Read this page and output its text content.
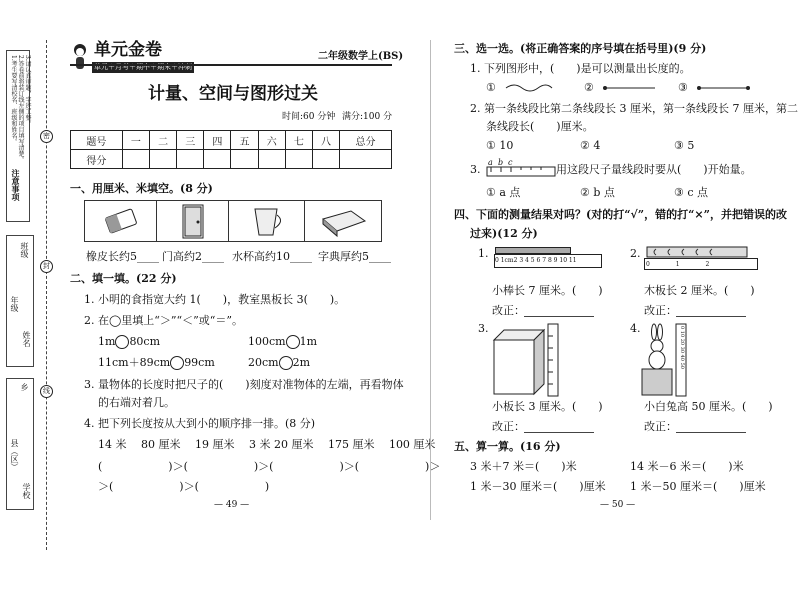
注意事项
1.考生要写清校名、班级和姓名。 2.答卷前将装订线左侧的项目填写清楚。 3.请认真审题，字迹工整。
班级
年级
姓名
乡
县（区）
学校
密
封
线
单元金卷
单元＋月考＋期中＋期末＋冲刺
二年级数学上(BS)
计量、空间与图形过关
时间:60 分钟 满分:100 分
题号	一	二	三	四	五	六	七	八	总分
得分									
一、用厘米、米填空。(8 分)
橡皮长约5____ 门高约2____ 水杯高约10____ 字典厚约5____
二、填一填。(22 分)
1. 小明的食指宽大约 1(　　)，教室黑板长 3(　　)。
2. 在◯里填上“＞”“＜”或“＝”。
1m 80cm	100cm 1m
11cm＋89cm 99cm	20cm 2m
3. 量物体的长度时把尺子的(　　)刻度对准物体的左端，再看物体
的右端对着几。
4. 把下列长度按从大到小的顺序排一排。(8 分)
14 米　 80 厘米　 19 厘米　 3 米 20 厘米　 175 厘米　 100 厘米
(　　　　　　)＞(　　　　　　)＞(　　　　　　)＞(　　　　　　)＞
＞(　　　　　　)＞(　　　　　　)
— 49 —
三、选一选。(将正确答案的序号填在括号里)(9 分)
1. 下列图形中，(　　)是可以测量出长度的。
①	②	③
2. 第一条线段比第二条线段长 3 厘米，第一条线段长 7 厘米，第二
条线段长(　　)厘米。
① 10	② 4	③ 5
3.
a b c
用这段尺子量线段时要从(　　)开始量。
① a 点	② b 点	③ c 点
四、下面的测量结果对吗？(对的打“√”，错的打“×”，并把错误的改
过来)(12 分)
1.
0 1cm2 3 4 5 6 7 8 9 10 11
小棒长 7 厘米。(　　)
改正：
2.
0 1 2
木板长 2 厘米。(　　)
改正：
3.
小板长 3 厘米。(　　)
改正：
4.	0 10 20 30 40 50
小白兔高 50 厘米。(　　)
改正：
五、算一算。(16 分)
3 米＋7 米＝(　　)米	14 米－6 米＝(　　)米
1 米－30 厘米＝(　　)厘米 1 米－50 厘米＝(　　)厘米
— 50 —
